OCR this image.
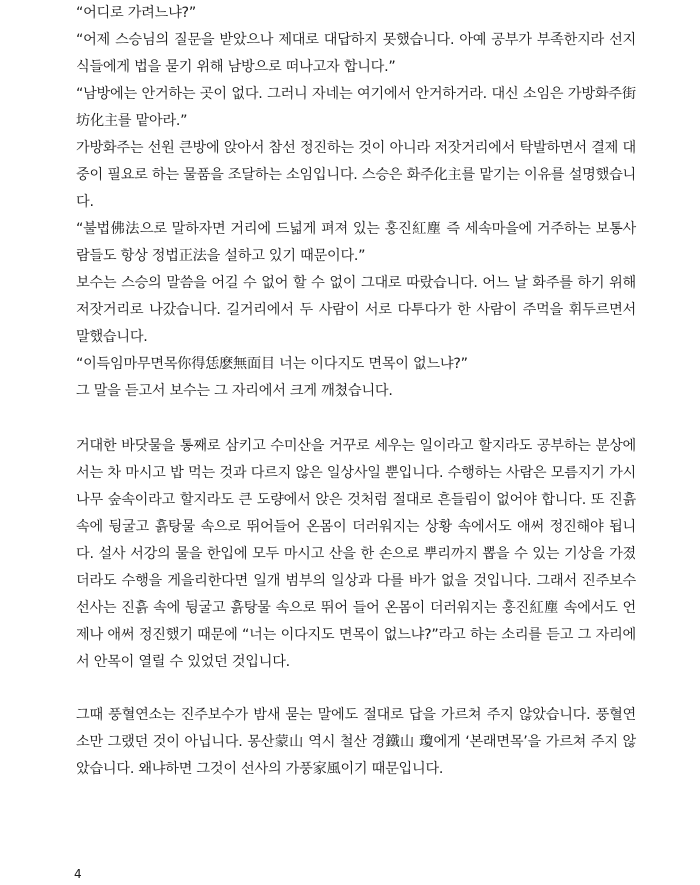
“어디로 가려느냐?”

“어제 스승님의 질문을 받았으나 제대로 대답하지 못했습니다. 아예 공부가 부족한지라 선지식들에게 법을 묻기 위해 남방으로 떠나고자 합니다.”

“남방에는 안거하는 곳이 없다. 그러니 자네는 여기에서 안거하거라. 대신 소임은 가방화주街坊化主를 맡아라.”

가방화주는 선원 큰방에 앉아서 참선 정진하는 것이 아니라 저잣거리에서 탁발하면서 결제 대중이 필요로 하는 물품을 조달하는 소임입니다. 스승은 화주化主를 맡기는 이유를 설명했습니다.

“불법佛法으로 말하자면 거리에 드넓게 펴져 있는 홍진紅塵 즉 세속마을에 거주하는 보통사람들도 항상 정법正法을 설하고 있기 때문이다.”

보수는 스승의 말씀을 어길 수 없어 할 수 없이 그대로 따랐습니다. 어느 날 화주를 하기 위해 저잣거리로 나갔습니다. 길거리에서 두 사람이 서로 다투다가 한 사람이 주먹을 휘두르면서 말했습니다.

“이득임마무면목你得恁麽無面目 너는 이다지도 면목이 없느냐?”

그 말을 듣고서 보수는 그 자리에서 크게 깨쳤습니다.

거대한 바닷물을 통째로 삼키고 수미산을 거꾸로 세우는 일이라고 할지라도 공부하는 분상에서는 차 마시고 밥 먹는 것과 다르지 않은 일상사일 뿐입니다. 수행하는 사람은 모름지기 가시나무 숲속이라고 할지라도 큰 도량에서 앉은 것처럼 절대로 흔들림이 없어야 합니다. 또 진흙 속에 뒹굴고 흙탕물 속으로 뛰어들어 온몸이 더러워지는 상황 속에서도 애써 정진해야 됩니다. 설사 서강의 물을 한입에 모두 마시고 산을 한 손으로 뿌리까지 뽑을 수 있는 기상을 가졌더라도 수행을 게을리한다면 일개 범부의 일상과 다를 바가 없을 것입니다. 그래서 진주보수 선사는 진흙 속에 뒹굴고 흙탕물 속으로 뛰어 들어 온몸이 더러워지는 홍진紅塵 속에서도 언제나 애써 정진했기 때문에 “너는 이다지도 면목이 없느냐?”라고 하는 소리를 듣고 그 자리에서 안목이 열릴 수 있었던 것입니다.

그때 풍혈연소는 진주보수가 밤새 묻는 말에도 절대로 답을 가르쳐 주지 않았습니다. 풍혈연소만 그랬던 것이 아닙니다. 몽산蒙山 역시 철산 경鐵山 瓊에게 ‘본래면목’을 가르쳐 주지 않았습니다. 왜냐하면 그것이 선사의 가풍家風이기 때문입니다.

4
